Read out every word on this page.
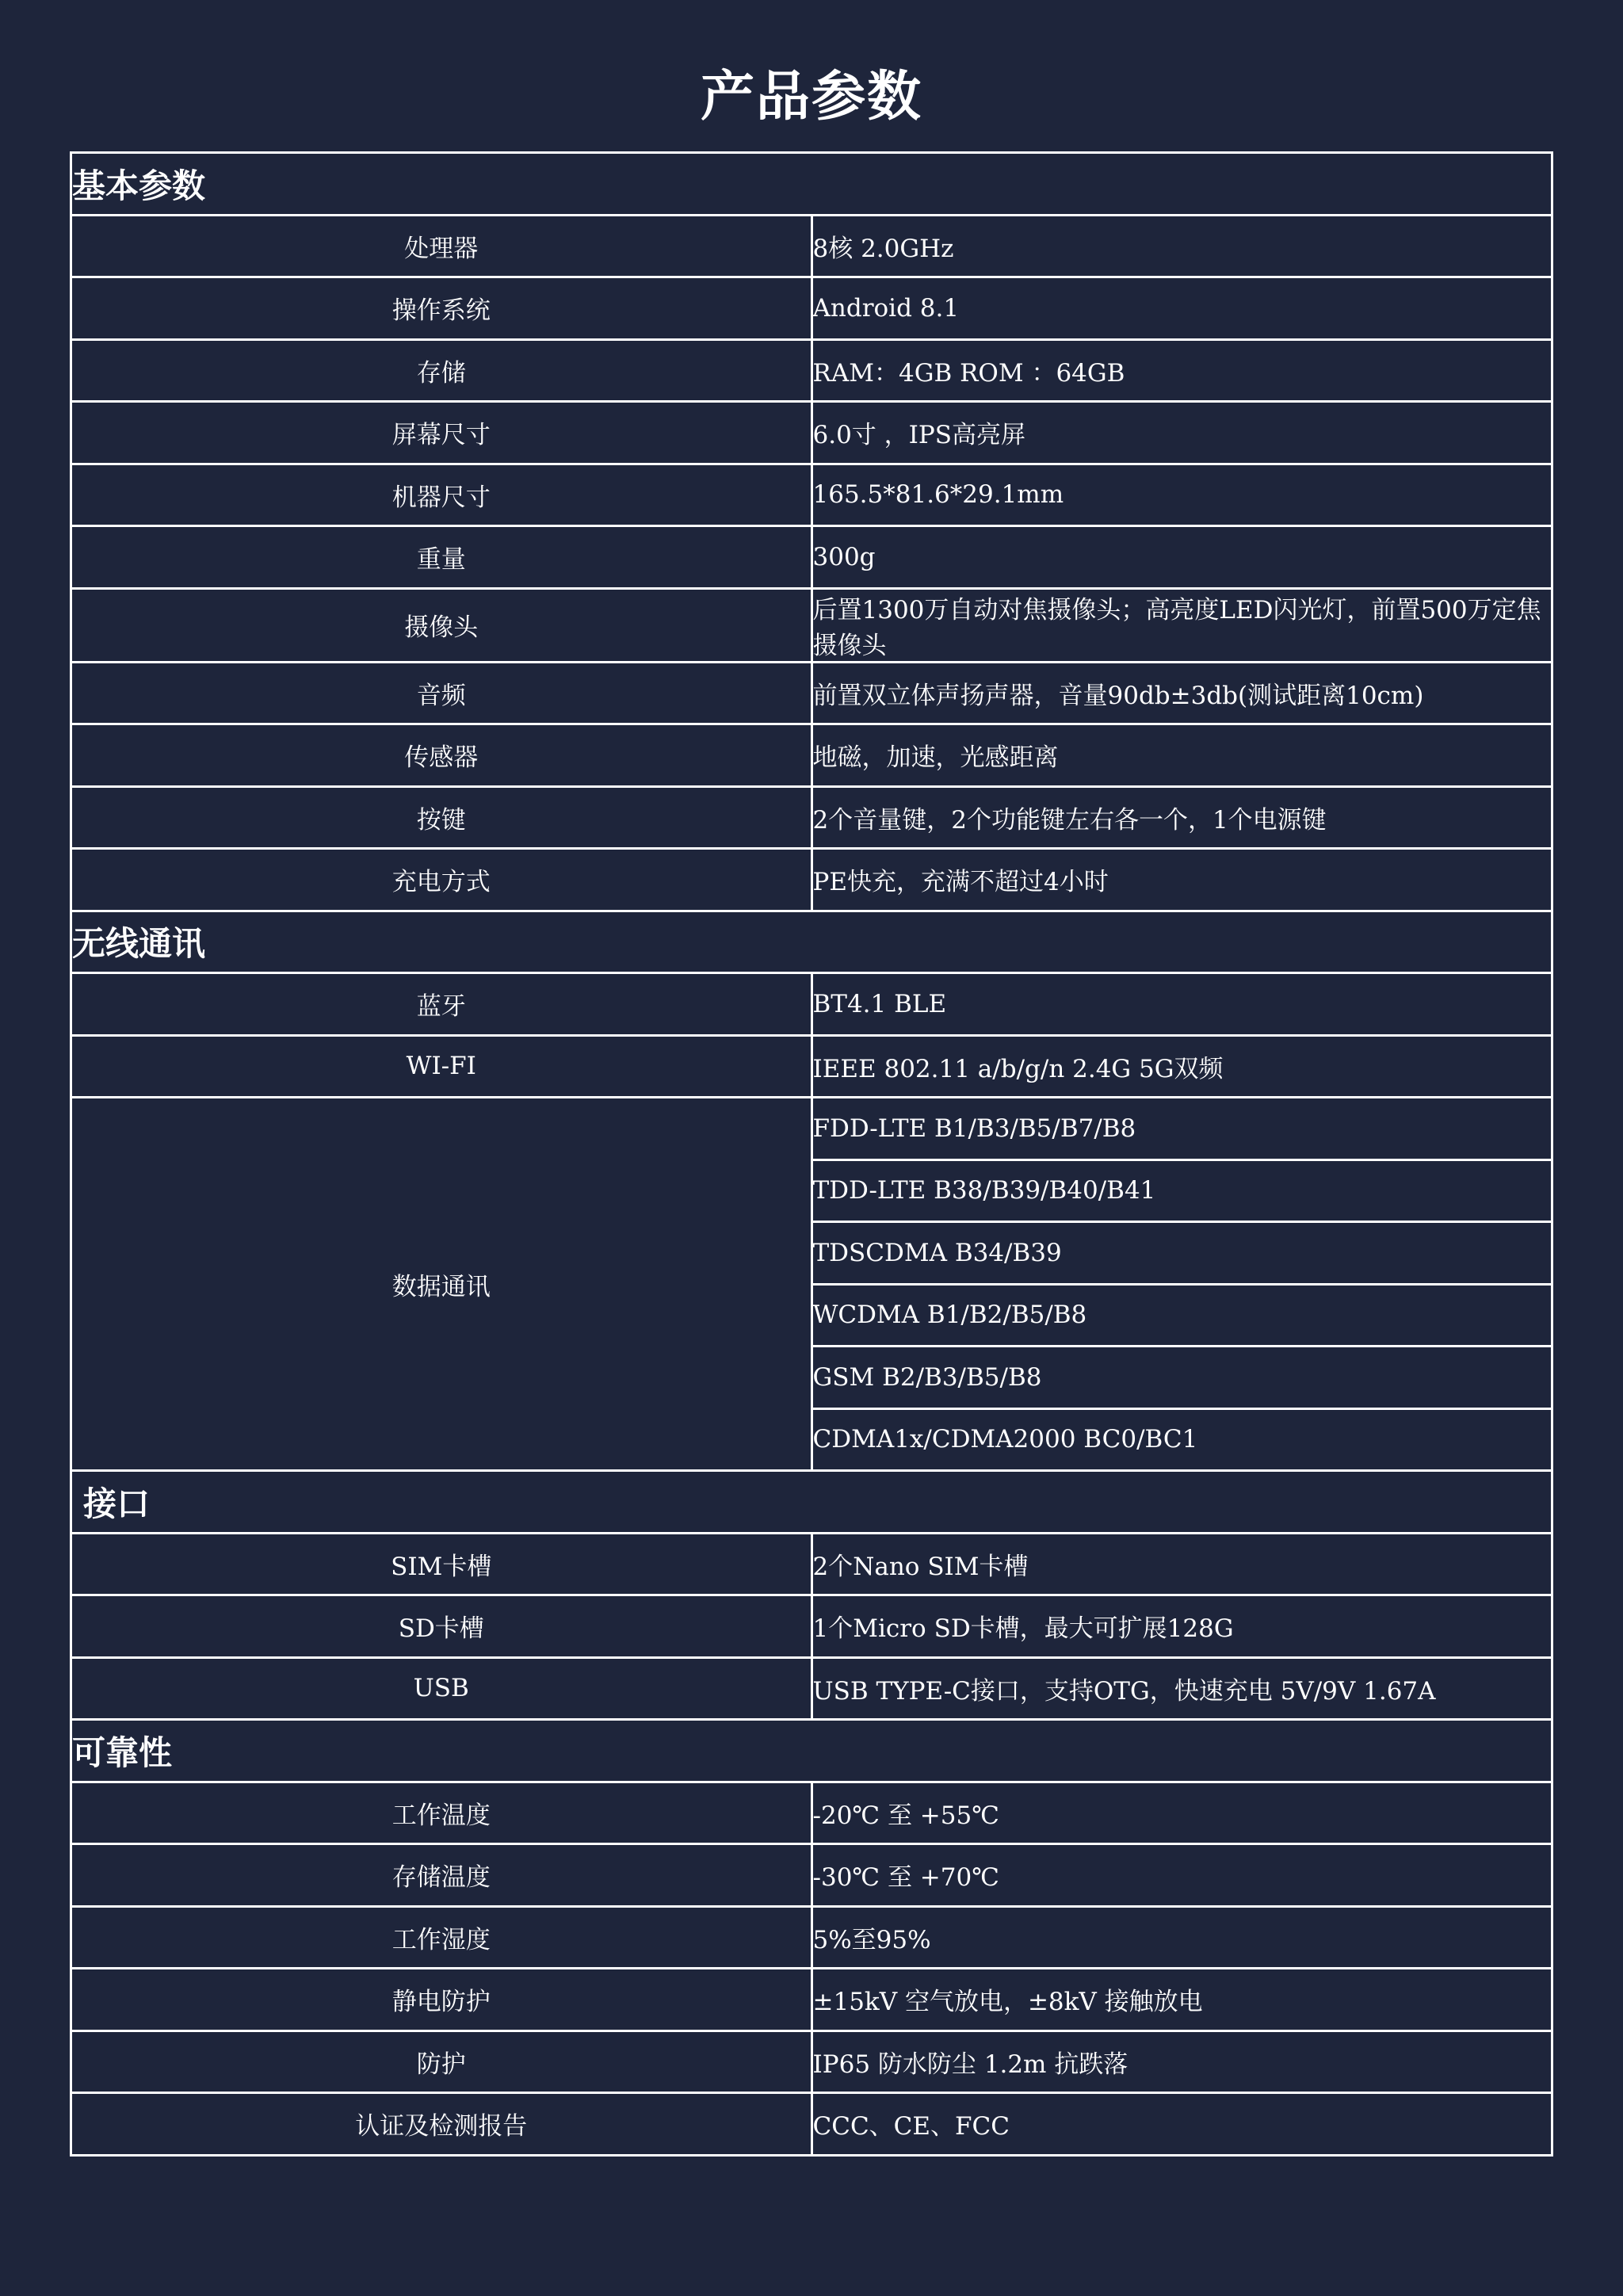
产品参数
基本参数	
处理器	8核 2.0GHz
操作系统	Android 8.1
存储	RAM：4GB ROM ：64GB
屏幕尺寸	6.0寸 ，IPS高亮屏
机器尺寸	165.5*81.6*29.1mm
重量	300g
摄像头	后置1300万自动对焦摄像头；高亮度LED闪光灯，前置500万定焦摄像头
音频	前置双立体声扬声器，音量90db±3db(测试距离10cm)
传感器	地磁，加速，光感距离
按键	2个音量键，2个功能键左右各一个，1个电源键
充电方式	PE快充，充满不超过4小时
无线通讯	
蓝牙	BT4.1 BLE
WI-FI	IEEE 802.11 a/b/g/n 2.4G 5G双频
数据通讯	FDD-LTE B1/B3/B5/B7/B8
	TDD-LTE B38/B39/B40/B41
	TDSCDMA B34/B39
	WCDMA B1/B2/B5/B8
	GSM B2/B3/B5/B8
	CDMA1x/CDMA2000 BC0/BC1
接口	
SIM卡槽	2个Nano SIM卡槽
SD卡槽	1个Micro SD卡槽，最大可扩展128G
USB	USB TYPE-C接口，支持OTG，快速充电 5V/9V 1.67A
可靠性	
工作温度	-20℃ 至 +55℃
存储温度	-30℃ 至 +70℃
工作湿度	5%至95%
静电防护	±15kV 空气放电，±8kV 接触放电
防护	IP65 防水防尘 1.2m 抗跌落
认证及检测报告	CCC、CE、FCC
